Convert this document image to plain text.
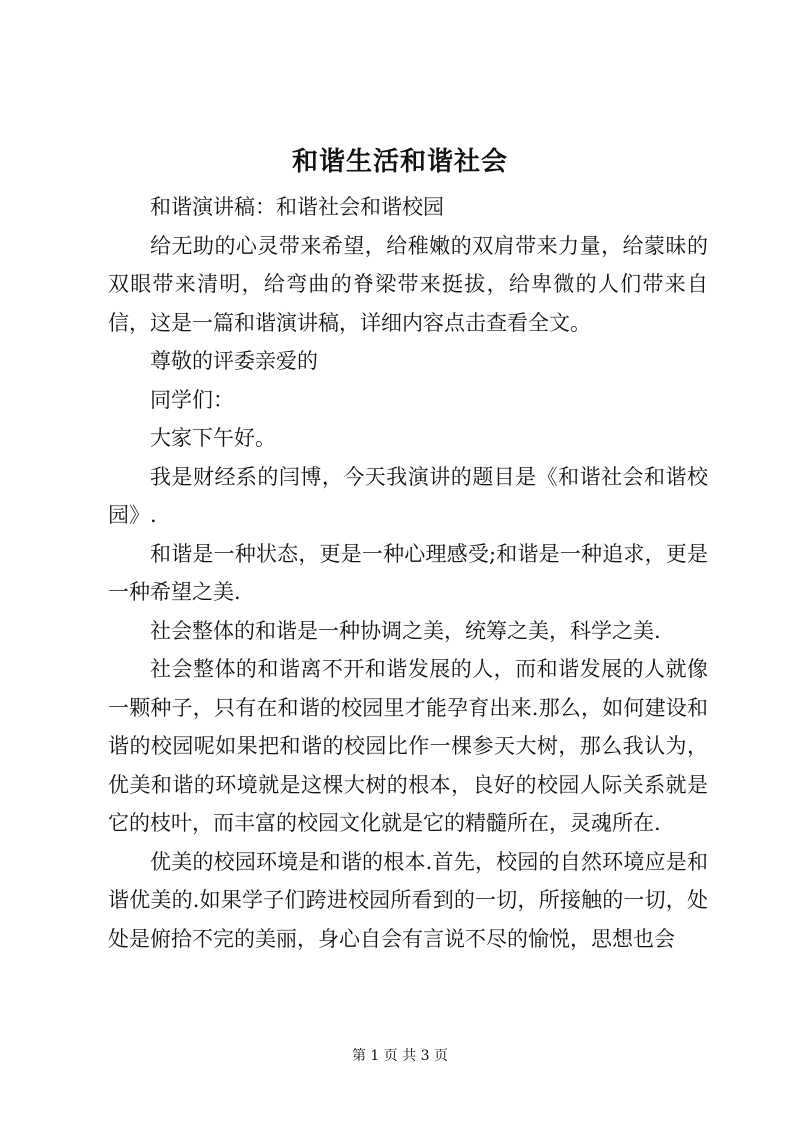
和谐生活和谐社会

和谐演讲稿：和谐社会和谐校园

给无助的心灵带来希望，给稚嫩的双肩带来力量，给蒙昧的双眼带来清明，给弯曲的脊梁带来挺拔，给卑微的人们带来自信，这是一篇和谐演讲稿，详细内容点击查看全文。

尊敬的评委亲爱的

同学们：

大家下午好。

我是财经系的闫博，今天我演讲的题目是《和谐社会和谐校园》.

和谐是一种状态，更是一种心理感受;和谐是一种追求，更是一种希望之美.

社会整体的和谐是一种协调之美，统筹之美，科学之美.

社会整体的和谐离不开和谐发展的人，而和谐发展的人就像一颗种子，只有在和谐的校园里才能孕育出来.那么，如何建设和谐的校园呢如果把和谐的校园比作一棵参天大树，那么我认为，优美和谐的环境就是这棵大树的根本，良好的校园人际关系就是它的枝叶，而丰富的校园文化就是它的精髓所在，灵魂所在.

优美的校园环境是和谐的根本.首先，校园的自然环境应是和谐优美的.如果学子们跨进校园所看到的一切，所接触的一切，处处是俯拾不完的美丽，身心自会有言说不尽的愉悦，思想也会

第 1 页 共 3 页
